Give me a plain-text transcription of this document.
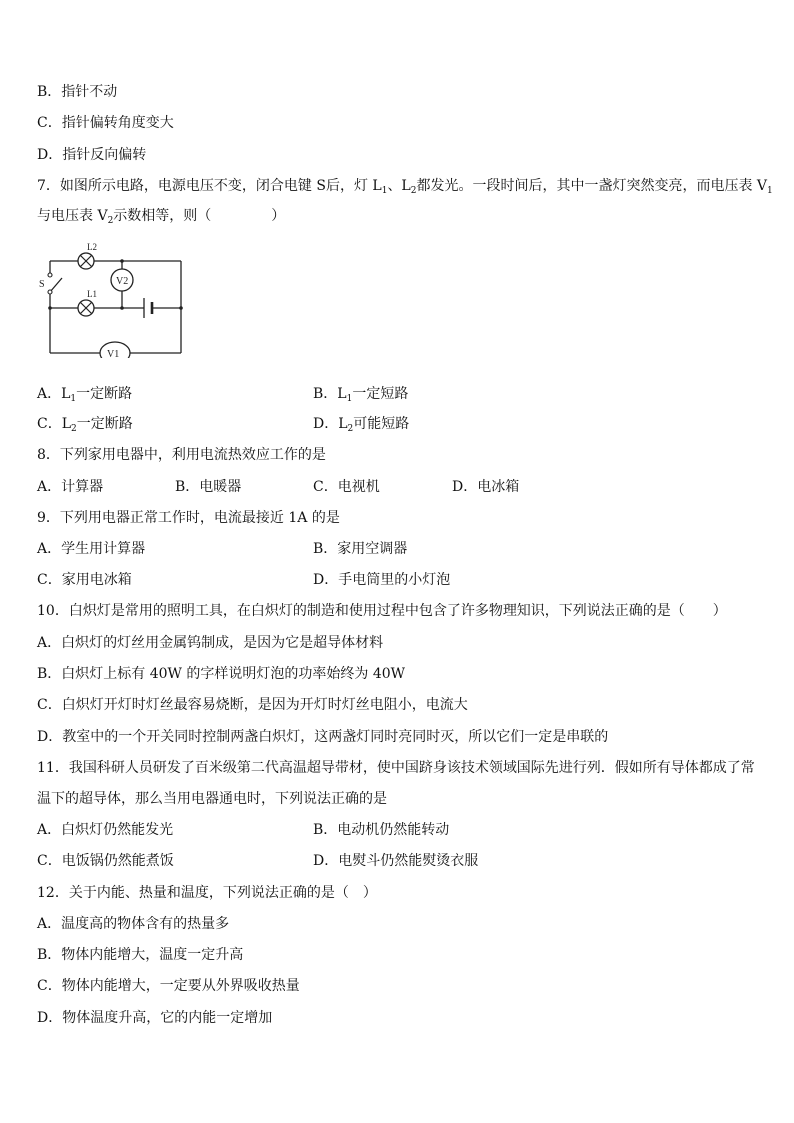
B．指针不动
C．指针偏转角度变大
D．指针反向偏转
7．如图所示电路，电源电压不变，闭合电键 S后，灯 $L_1$、$L_2$都发光。一段时间后，其中一盏灯突然变亮，而电压表 $V_1$
与电压表 $V_2$示数相等，则（	）
V2
V1
L2
L1
S
A．$L_1$一定断路	B．$L_1$一定短路
C．$L_2$一定断路	D．$L_2$可能短路
8．下列家用电器中，利用电流热效应工作的是
A．计算器	B．电暖器	C．电视机	D．电冰箱
9．下列用电器正常工作时，电流最接近 1A 的是
A．学生用计算器	B．家用空调器
C．家用电冰箱	D．手电筒里的小灯泡
10．白炽灯是常用的照明工具，在白炽灯的制造和使用过程中包含了许多物理知识，下列说法正确的是（　　）
A．白炽灯的灯丝用金属钨制成，是因为它是超导体材料
B．白炽灯上标有 40W 的字样说明灯泡的功率始终为 40W
C．白炽灯开灯时灯丝最容易烧断，是因为开灯时灯丝电阻小，电流大
D．教室中的一个开关同时控制两盏白炽灯，这两盏灯同时亮同时灭，所以它们一定是串联的
11．我国科研人员研发了百米级第二代高温超导带材，使中国跻身该技术领域国际先进行列．假如所有导体都成了常
温下的超导体，那么当用电器通电时，下列说法正确的是
A．白炽灯仍然能发光	B．电动机仍然能转动
C．电饭锅仍然能煮饭	D．电熨斗仍然能熨烫衣服
12．关于内能、热量和温度，下列说法正确的是（　）
A．温度高的物体含有的热量多
B．物体内能增大，温度一定升高
C．物体内能增大，一定要从外界吸收热量
D．物体温度升高，它的内能一定增加
